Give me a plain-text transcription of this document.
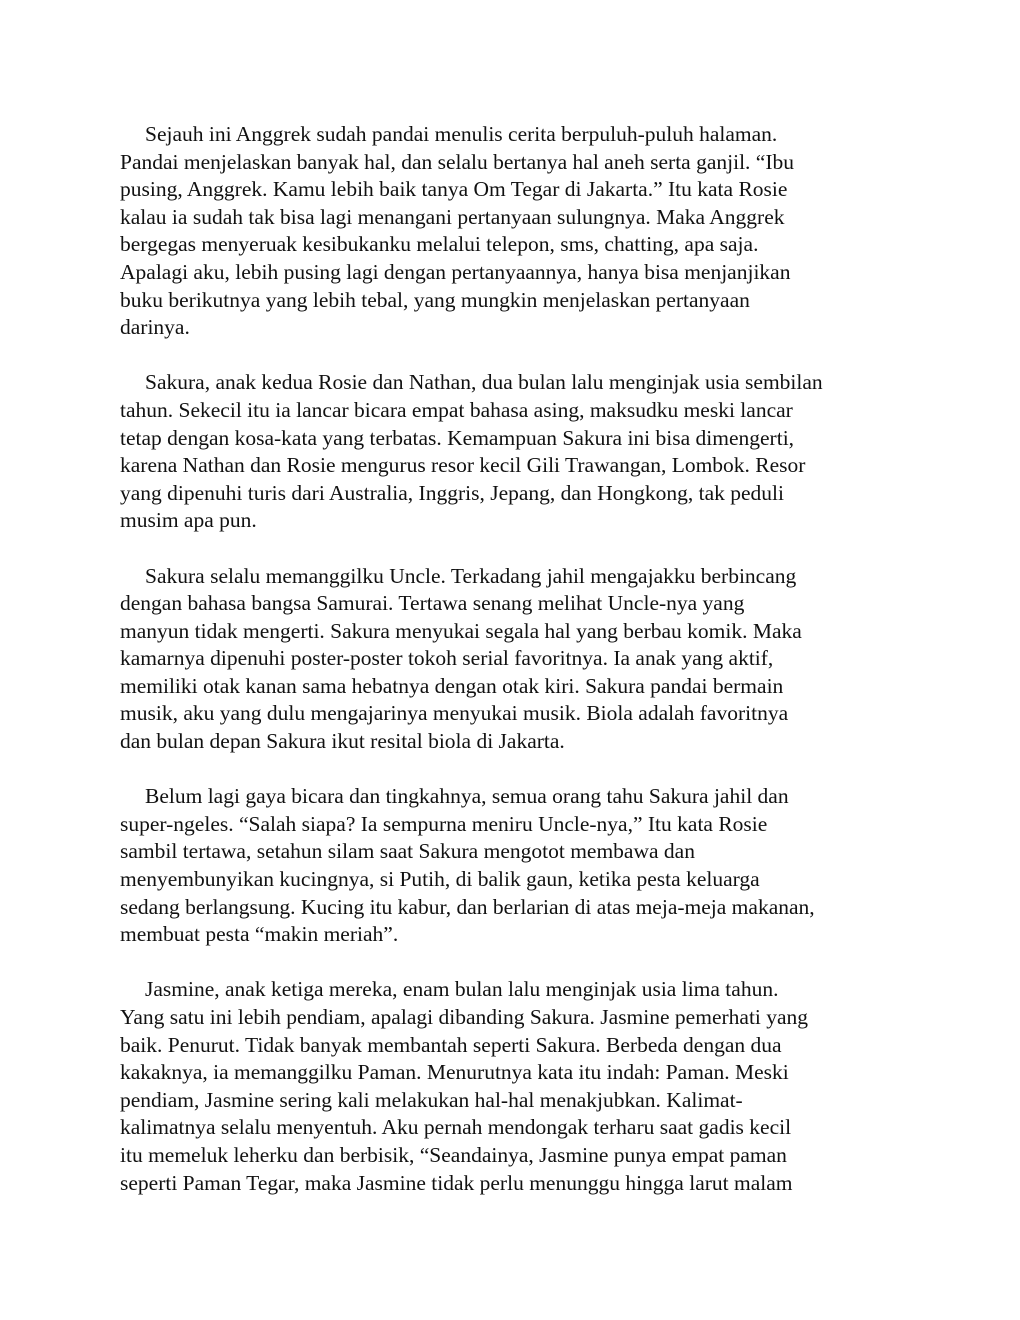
Sejauh ini Anggrek sudah pandai menulis cerita berpuluh-puluh halaman.
Pandai menjelaskan banyak hal, dan selalu bertanya hal aneh serta ganjil. “Ibu
pusing, Anggrek. Kamu lebih baik tanya Om Tegar di Jakarta.” Itu kata Rosie
kalau ia sudah tak bisa lagi menangani pertanyaan sulungnya. Maka Anggrek
bergegas menyeruak kesibukanku melalui telepon, sms, chatting, apa saja.
Apalagi aku, lebih pusing lagi dengan pertanyaannya, hanya bisa menjanjikan
buku berikutnya yang lebih tebal, yang mungkin menjelaskan pertanyaan
darinya.
Sakura, anak kedua Rosie dan Nathan, dua bulan lalu menginjak usia sembilan
tahun. Sekecil itu ia lancar bicara empat bahasa asing, maksudku meski lancar
tetap dengan kosa-kata yang terbatas. Kemampuan Sakura ini bisa dimengerti,
karena Nathan dan Rosie mengurus resor kecil Gili Trawangan, Lombok. Resor
yang dipenuhi turis dari Australia, Inggris, Jepang, dan Hongkong, tak peduli
musim apa pun.
Sakura selalu memanggilku Uncle. Terkadang jahil mengajakku berbincang
dengan bahasa bangsa Samurai. Tertawa senang melihat Uncle-nya yang
manyun tidak mengerti. Sakura menyukai segala hal yang berbau komik. Maka
kamarnya dipenuhi poster-poster tokoh serial favoritnya. Ia anak yang aktif,
memiliki otak kanan sama hebatnya dengan otak kiri. Sakura pandai bermain
musik, aku yang dulu mengajarinya menyukai musik. Biola adalah favoritnya
dan bulan depan Sakura ikut resital biola di Jakarta.
Belum lagi gaya bicara dan tingkahnya, semua orang tahu Sakura jahil dan
super-ngeles. “Salah siapa? Ia sempurna meniru Uncle-nya,” Itu kata Rosie
sambil tertawa, setahun silam saat Sakura mengotot membawa dan
menyembunyikan kucingnya, si Putih, di balik gaun, ketika pesta keluarga
sedang berlangsung. Kucing itu kabur, dan berlarian di atas meja-meja makanan,
membuat pesta “makin meriah”.
Jasmine, anak ketiga mereka, enam bulan lalu menginjak usia lima tahun.
Yang satu ini lebih pendiam, apalagi dibanding Sakura. Jasmine pemerhati yang
baik. Penurut. Tidak banyak membantah seperti Sakura. Berbeda dengan dua
kakaknya, ia memanggilku Paman. Menurutnya kata itu indah: Paman. Meski
pendiam, Jasmine sering kali melakukan hal-hal menakjubkan. Kalimat-
kalimatnya selalu menyentuh. Aku pernah mendongak terharu saat gadis kecil
itu memeluk leherku dan berbisik, “Seandainya, Jasmine punya empat paman
seperti Paman Tegar, maka Jasmine tidak perlu menunggu hingga larut malam
